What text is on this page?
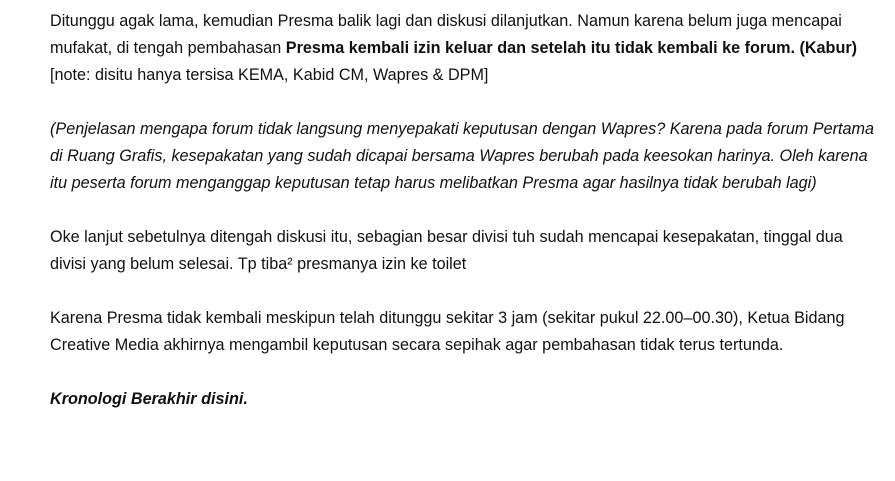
Ditunggu agak lama, kemudian Presma balik lagi dan diskusi dilanjutkan. Namun karena belum juga mencapai mufakat, di tengah pembahasan Presma kembali izin keluar dan setelah itu tidak kembali ke forum. (Kabur) [note: disitu hanya tersisa KEMA, Kabid CM, Wapres & DPM]

(Penjelasan mengapa forum tidak langsung menyepakati keputusan dengan Wapres? Karena pada forum Pertama di Ruang Grafis, kesepakatan yang sudah dicapai bersama Wapres berubah pada keesokan harinya. Oleh karena itu peserta forum menganggap keputusan tetap harus melibatkan Presma agar hasilnya tidak berubah lagi)

Oke lanjut sebetulnya ditengah diskusi itu, sebagian besar divisi tuh sudah mencapai kesepakatan, tinggal dua divisi yang belum selesai. Tp tiba² presmanya izin ke toilet

Karena Presma tidak kembali meskipun telah ditunggu sekitar 3 jam (sekitar pukul 22.00–00.30), Ketua Bidang Creative Media akhirnya mengambil keputusan secara sepihak agar pembahasan tidak terus tertunda.

Kronologi Berakhir disini.
